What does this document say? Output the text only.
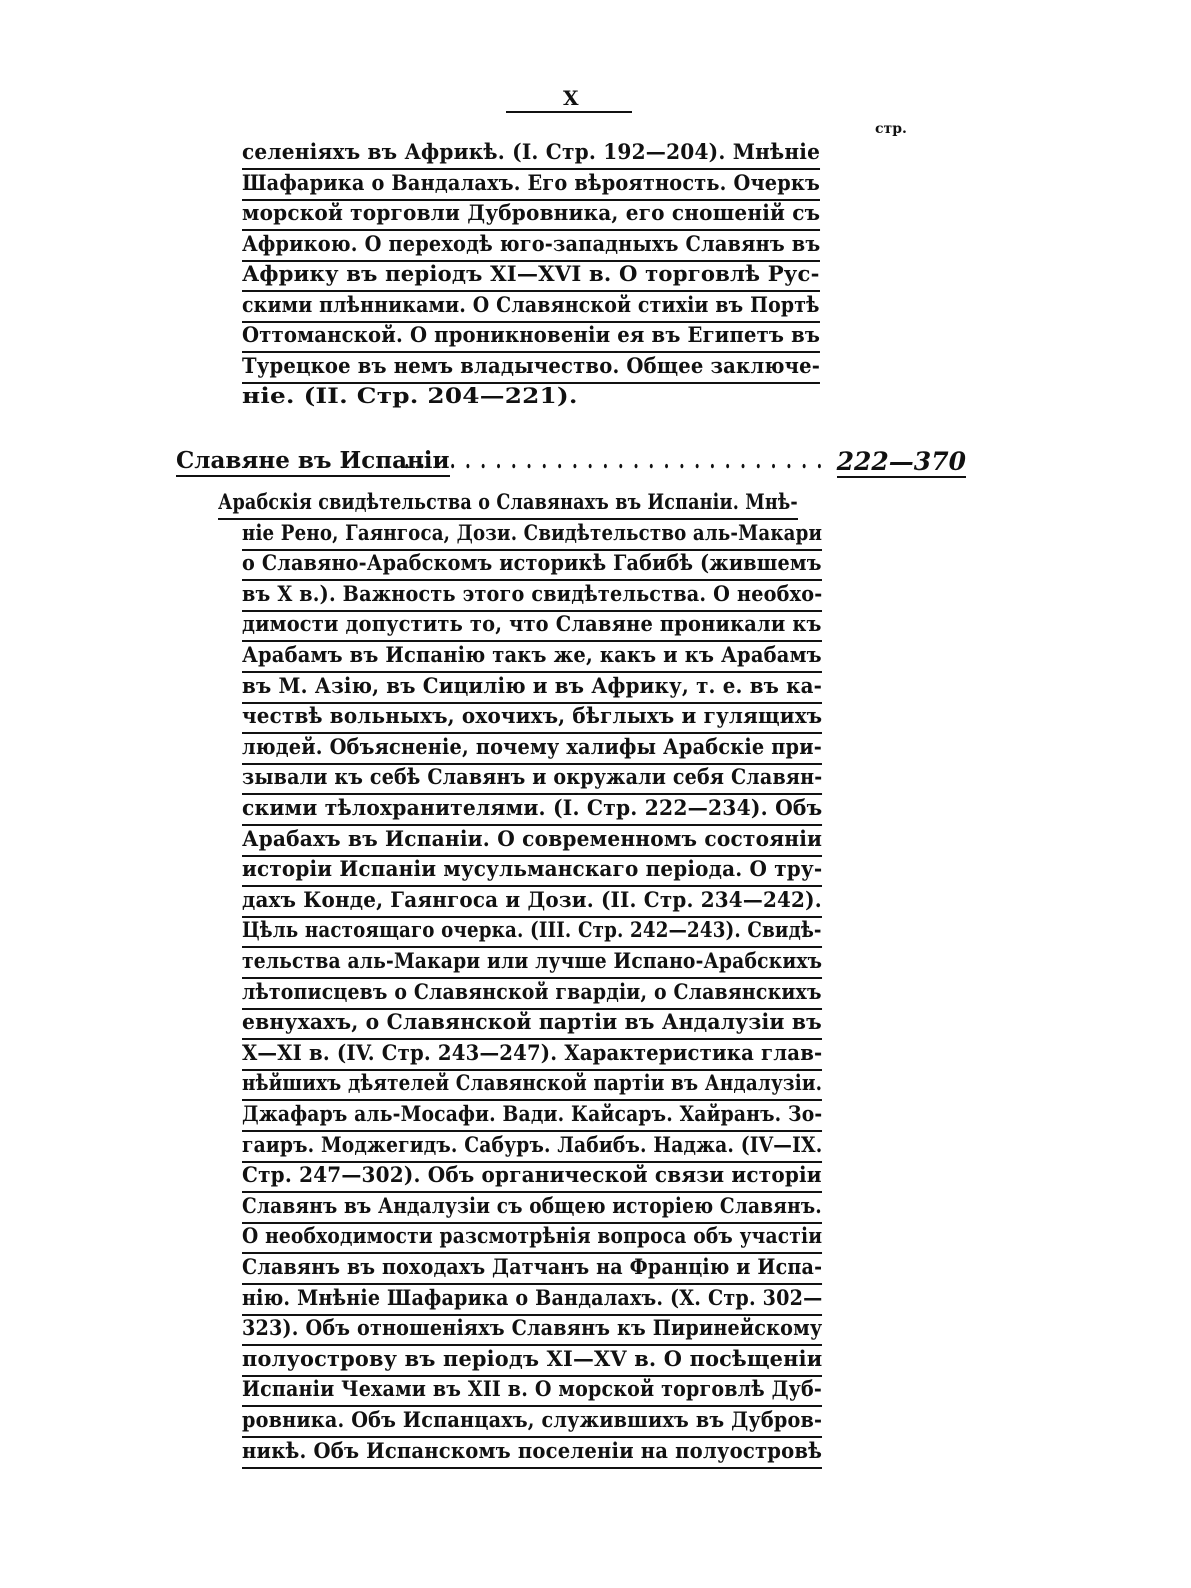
X
стр.
селеніяхъ въ Африкѣ. (I. Стр. 192—204). Мнѣніе
Шафарика о Вандалахъ. Его вѣроятность. Очеркъ
морской торговли Дубровника, его сношеній съ
Африкою. О переходѣ юго-западныхъ Славянъ въ
Африку въ періодъ XI—XVI в. О торговлѣ Рус-
скими плѣнниками. О Славянской стихіи въ Портѣ
Оттоманской. О проникновеніи ея въ Египетъ въ
Турецкое въ немъ владычество. Общее заключе-
ніе. (II. Стр. 204—221).
Славяне въ Испаніи
. . . . . . . . . . . . . . . . . . . . . . . . . . . . 222—370
Арабскія свидѣтельства о Славянахъ въ Испаніи. Мнѣ-
ніе Рено, Гаянгоса, Дози. Свидѣтельство аль-Макари
о Славяно-Арабскомъ историкѣ Габибѣ (жившемъ
въ X в.). Важность этого свидѣтельства. О необхо-
димости допустить то, что Славяне проникали къ
Арабамъ въ Испанію такъ же, какъ и къ Арабамъ
въ М. Азію, въ Сицилію и въ Африку, т. е. въ ка-
чествѣ вольныхъ, охочихъ, бѣглыхъ и гулящихъ
людей. Объясненіе, почему халифы Арабскіе при-
зывали къ себѣ Славянъ и окружали себя Славян-
скими тѣлохранителями. (I. Стр. 222—234). Объ
Арабахъ въ Испаніи. О современномъ состояніи
исторіи Испаніи мусульманскаго періода. О тру-
дахъ Конде, Гаянгоса и Дози. (II. Стр. 234—242).
Цѣль настоящаго очерка. (III. Стр. 242—243). Свидѣ-
тельства аль-Макари или лучше Испано-Арабскихъ
лѣтописцевъ о Славянской гвардіи, о Славянскихъ
евнухахъ, о Славянской партіи въ Андалузіи въ
X—XI в. (IV. Стр. 243—247). Характеристика глав-
нѣйшихъ дѣятелей Славянской партіи въ Андалузіи.
Джафаръ аль-Мосафи. Вади. Кайсаръ. Хайранъ. Зо-
гаиръ. Моджегидъ. Сабуръ. Лабибъ. Наджа. (IV—IX.
Стр. 247—302). Объ органической связи исторіи
Славянъ въ Андалузіи съ общею исторіею Славянъ.
О необходимости разсмотрѣнія вопроса объ участіи
Славянъ въ походахъ Датчанъ на Францію и Испа-
нію. Мнѣніе Шафарика о Вандалахъ. (X. Стр. 302—
323). Объ отношеніяхъ Славянъ къ Пиринейскому
полуострову въ періодъ XI—XV в. О посѣщеніи
Испаніи Чехами въ XII в. О морской торговлѣ Дуб-
ровника. Объ Испанцахъ, служившихъ въ Дубров-
никѣ. Объ Испанскомъ поселеніи на полуостровѣ
